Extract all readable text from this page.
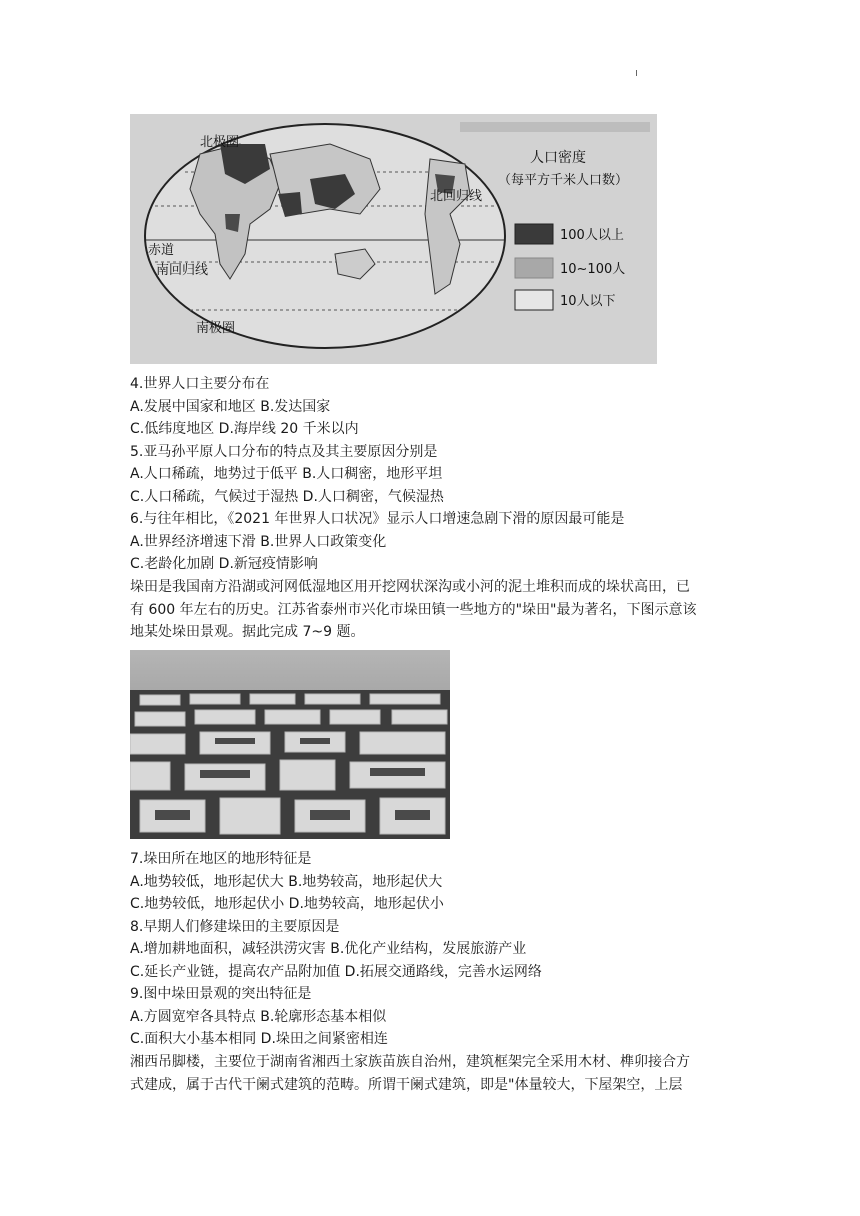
北极圈
北回归线
赤道
南回归线
南极圈
人口密度
（每平方千米人口数）
100人以上
10~100人
10人以下
4.世界人口主要分布在
A.发展中国家和地区 B.发达国家
C.低纬度地区 D.海岸线 20 千米以内
5.亚马孙平原人口分布的特点及其主要原因分别是
A.人口稀疏，地势过于低平 B.人口稠密，地形平坦
C.人口稀疏，气候过于湿热 D.人口稠密，气候湿热
6.与往年相比，《2021 年世界人口状况》显示人口增速急剧下滑的原因最可能是
A.世界经济增速下滑 B.世界人口政策变化
C.老龄化加剧 D.新冠疫情影响
垛田是我国南方沿湖或河网低湿地区用开挖网状深沟或小河的泥土堆积而成的垛状高田，已
有 600 年左右的历史。江苏省泰州市兴化市垛田镇一些地方的"垛田"最为著名，下图示意该
地某处垛田景观。据此完成 7~9 题。
7.垛田所在地区的地形特征是
A.地势较低，地形起伏大 B.地势较高，地形起伏大
C.地势较低，地形起伏小 D.地势较高，地形起伏小
8.早期人们修建垛田的主要原因是
A.增加耕地面积，减轻洪涝灾害 B.优化产业结构，发展旅游产业
C.延长产业链，提高农产品附加值 D.拓展交通路线，完善水运网络
9.图中垛田景观的突出特征是
A.方圆宽窄各具特点 B.轮廓形态基本相似
C.面积大小基本相同 D.垛田之间紧密相连
湘西吊脚楼，主要位于湖南省湘西土家族苗族自治州，建筑框架完全采用木材、榫卯接合方
式建成，属于古代干阑式建筑的范畴。所谓干阑式建筑，即是"体量较大，下屋架空，上层
